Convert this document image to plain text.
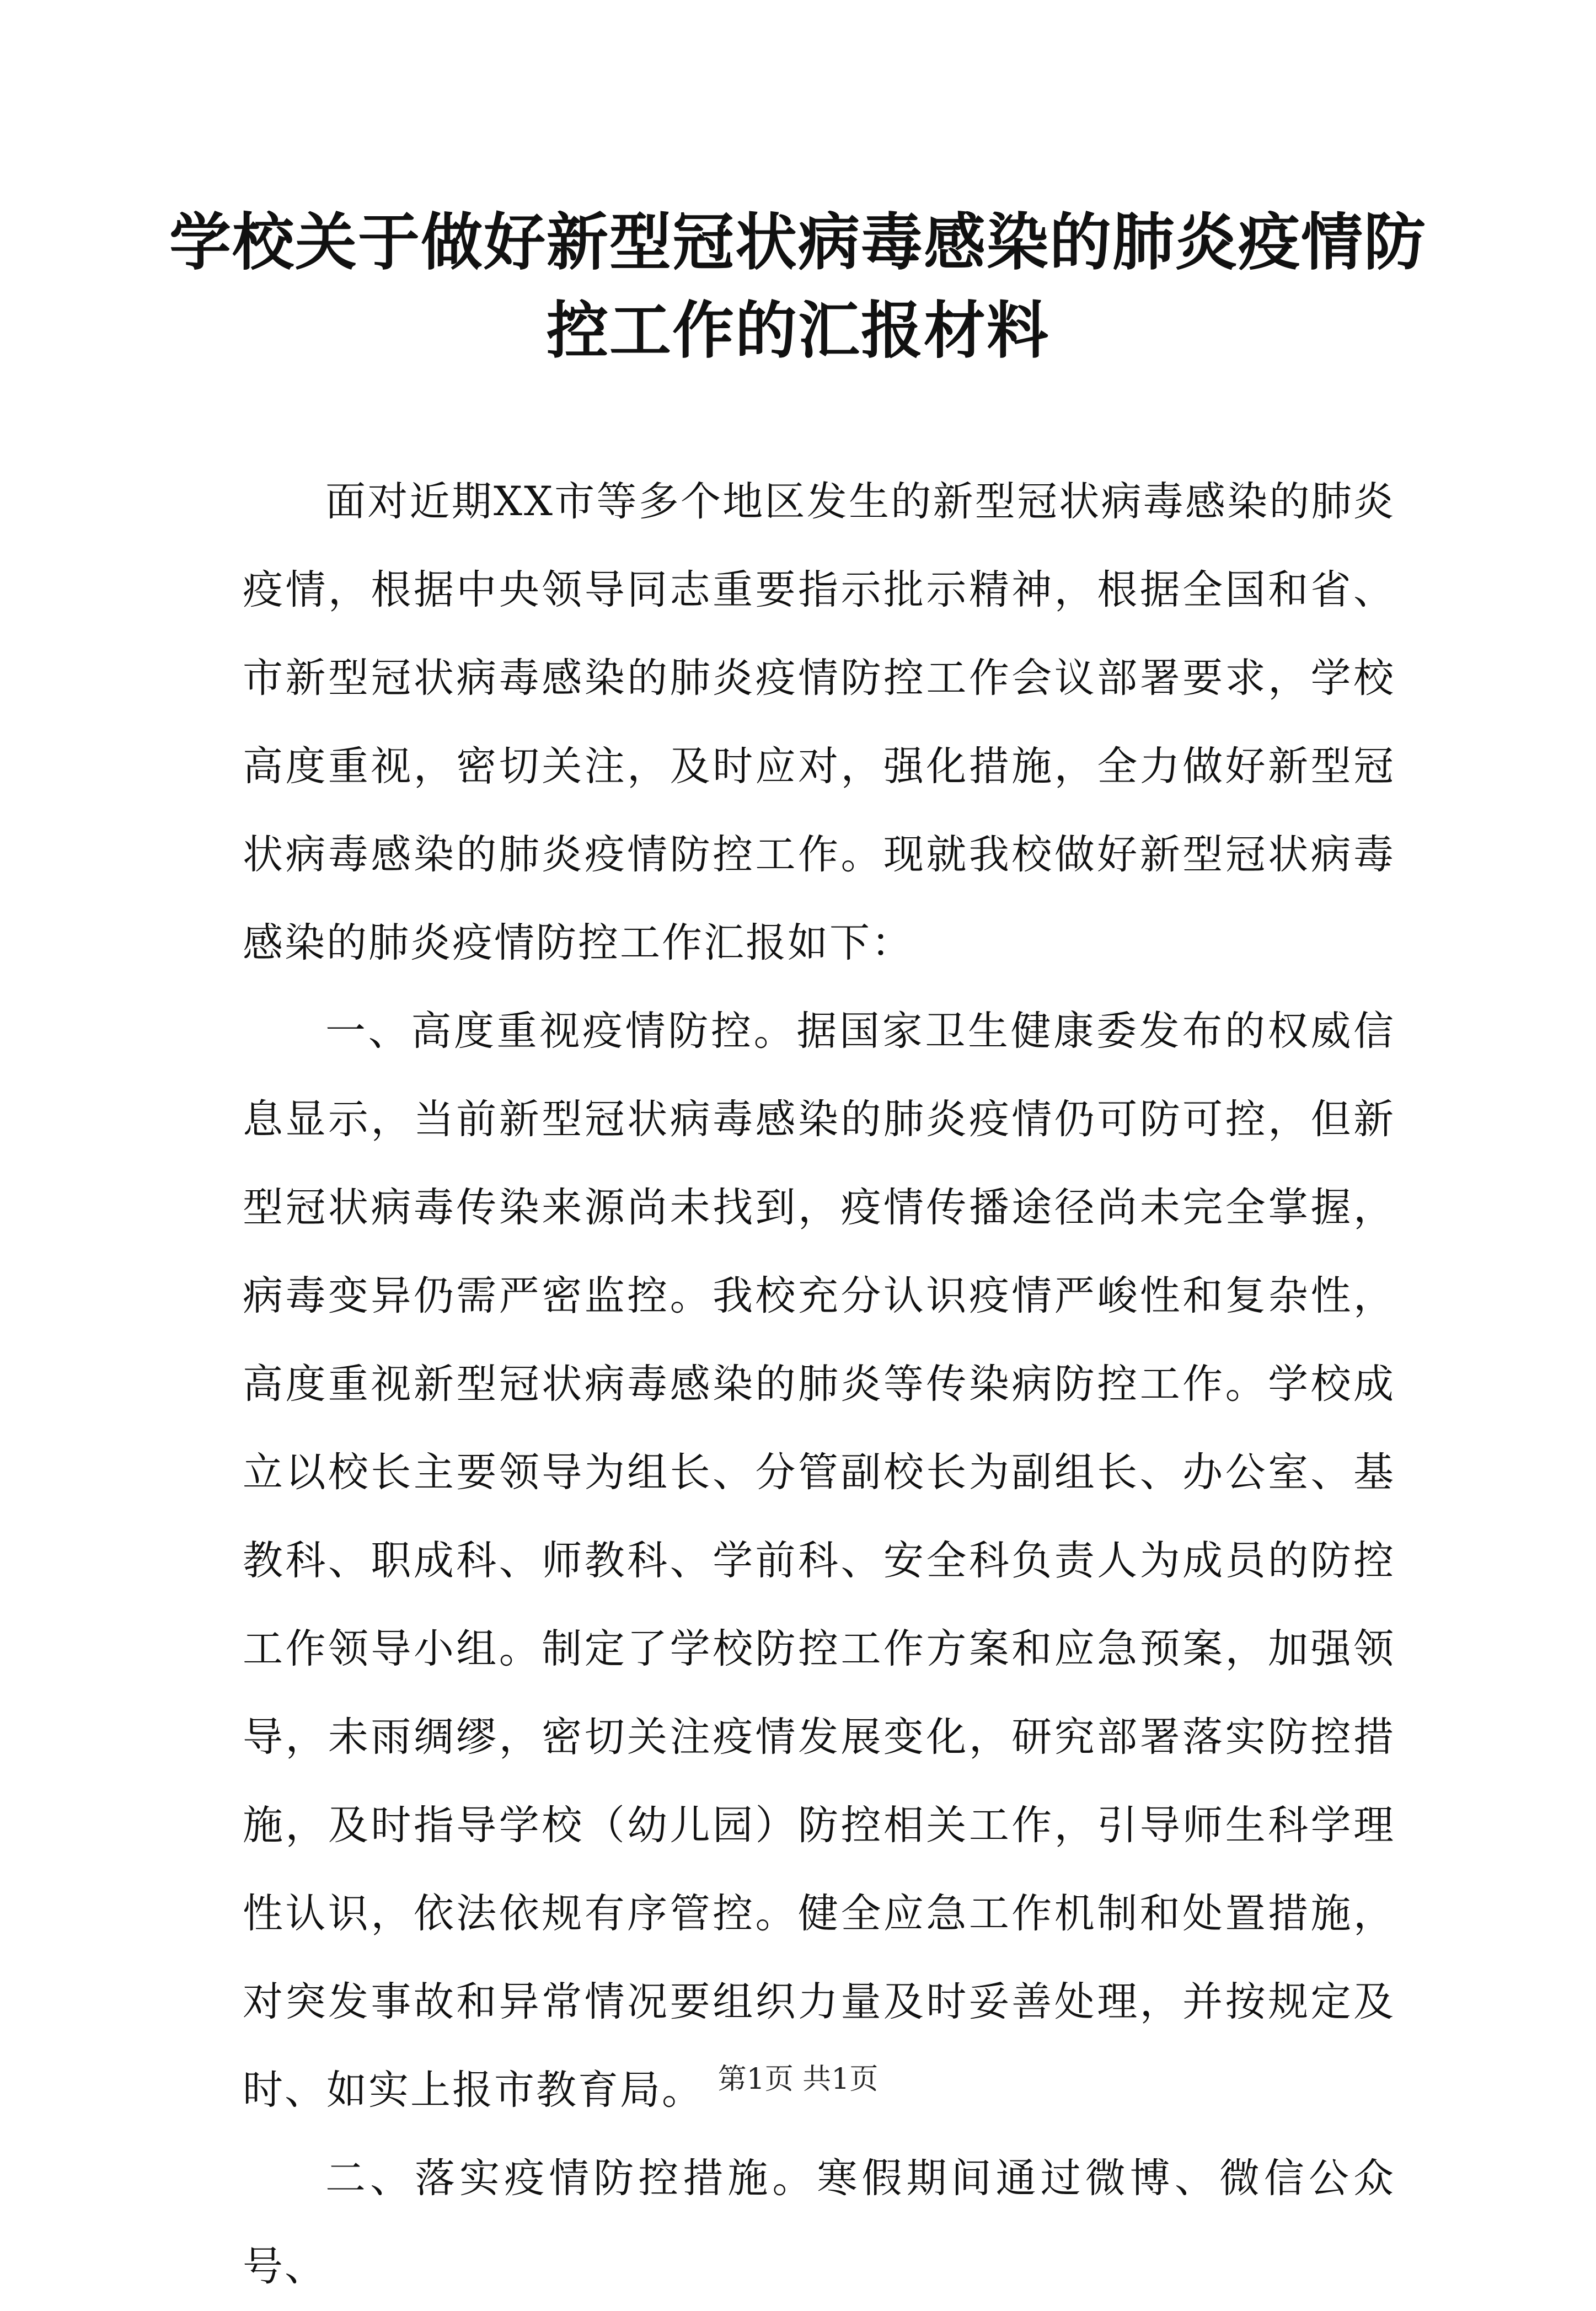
学校关于做好新型冠状病毒感染的肺炎疫情防
控工作的汇报材料

面对近期XX市等多个地区发生的新型冠状病毒感染的肺炎疫情，根据中央领导同志重要指示批示精神，根据全国和省、市新型冠状病毒感染的肺炎疫情防控工作会议部署要求，学校高度重视，密切关注，及时应对，强化措施，全力做好新型冠状病毒感染的肺炎疫情防控工作。现就我校做好新型冠状病毒感染的肺炎疫情防控工作汇报如下：

一、高度重视疫情防控。据国家卫生健康委发布的权威信息显示，当前新型冠状病毒感染的肺炎疫情仍可防可控，但新型冠状病毒传染来源尚未找到，疫情传播途径尚未完全掌握，病毒变异仍需严密监控。我校充分认识疫情严峻性和复杂性，高度重视新型冠状病毒感染的肺炎等传染病防控工作。学校成立以校长主要领导为组长、分管副校长为副组长、办公室、基教科、职成科、师教科、学前科、安全科负责人为成员的防控工作领导小组。制定了学校防控工作方案和应急预案，加强领导，未雨绸缪，密切关注疫情发展变化，研究部署落实防控措施，及时指导学校（幼儿园）防控相关工作，引导师生科学理性认识，依法依规有序管控。健全应急工作机制和处置措施，对突发事故和异常情况要组织力量及时妥善处理，并按规定及时、如实上报市教育局。

二、落实疫情防控措施。寒假期间通过微博、微信公众号、

第1页 共1页
